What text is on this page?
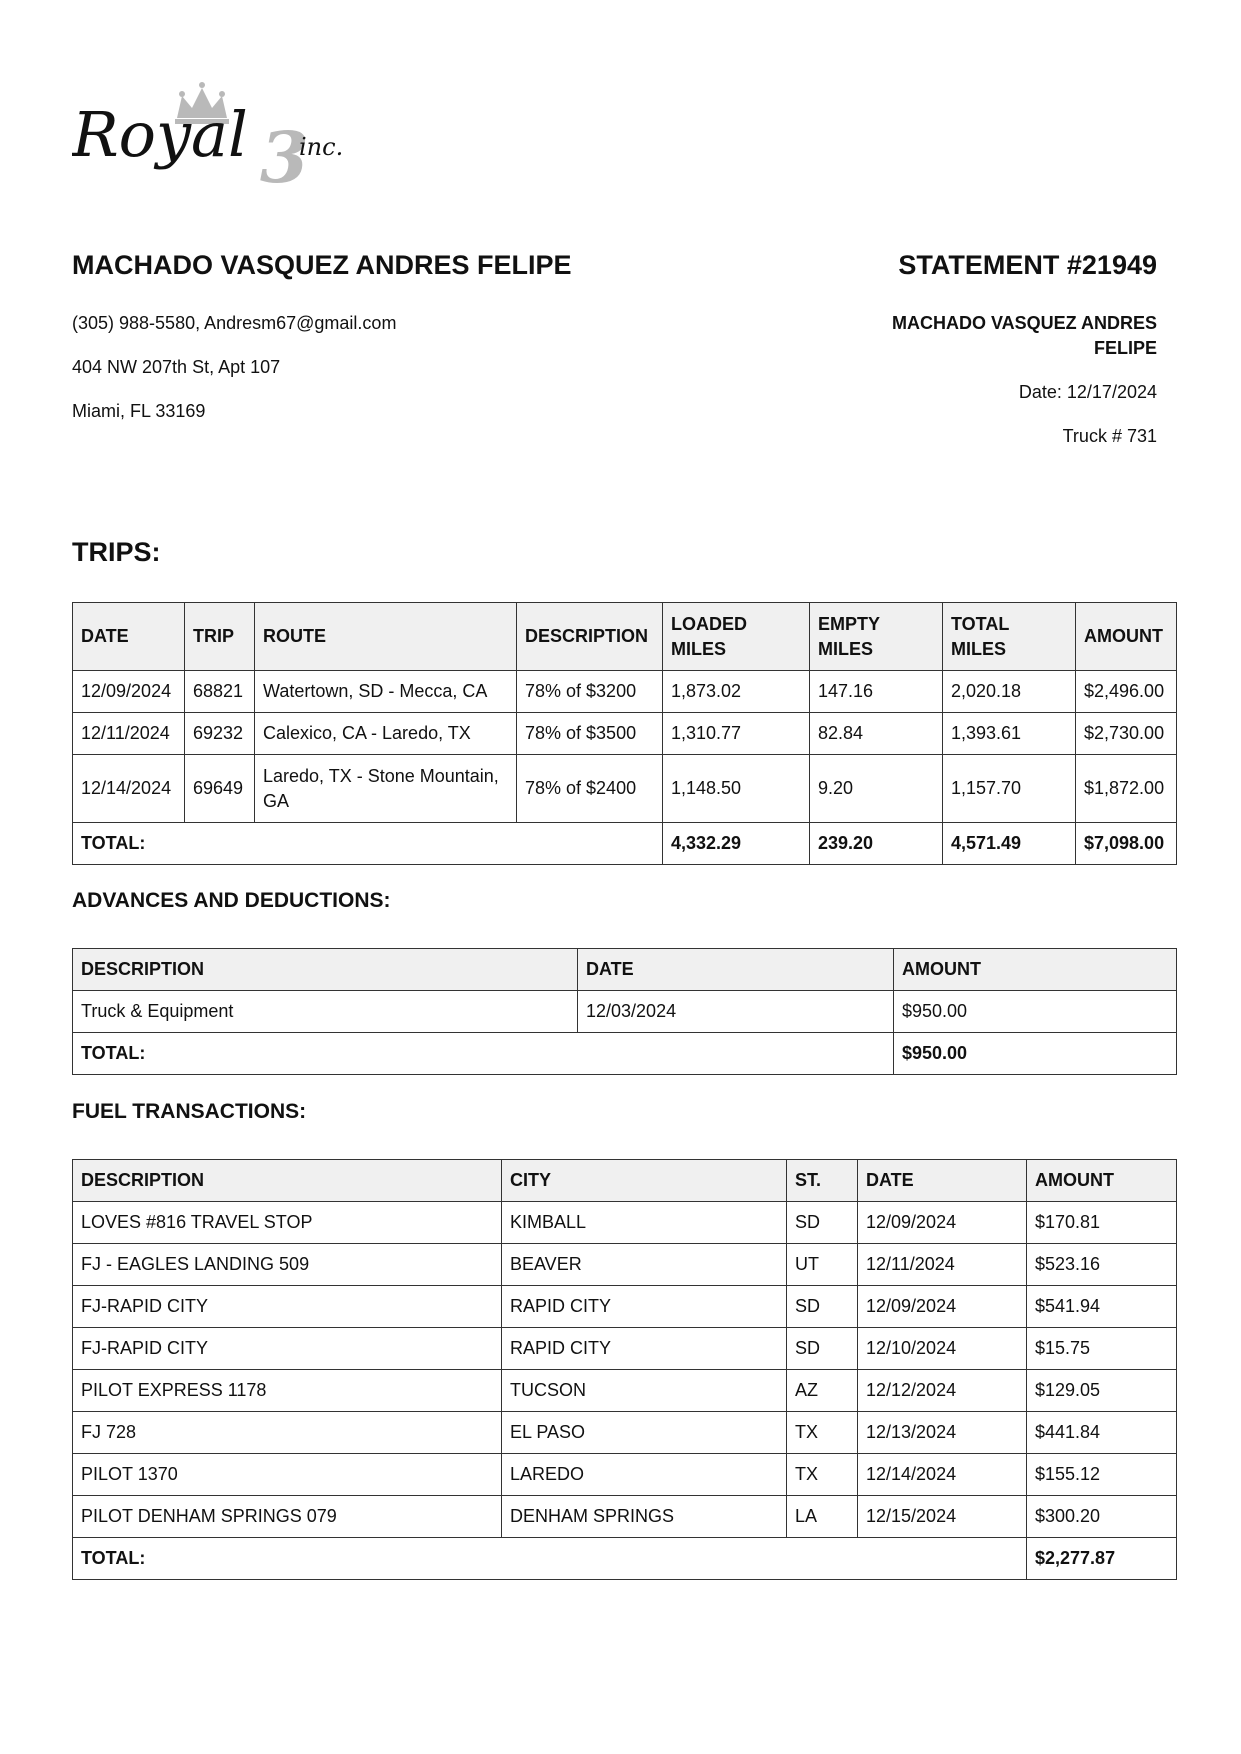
Royal 3
inc.
MACHADO VASQUEZ ANDRES FELIPE	STATEMENT #21949

(305) 988-5580, Andresm67@gmail.com

404 NW 207th St, Apt 107

Miami, FL 33169

MACHADO VASQUEZ ANDRES

FELIPE

Date: 12/17/2024

Truck # 731

TRIPS:
DATE	TRIP	ROUTE	DESCRIPTION	LOADED MILES	EMPTY MILES	TOTAL MILES	AMOUNT
12/09/2024	68821	Watertown, SD - Mecca, CA	78% of $3200	1,873.02	147.16	2,020.18	$2,496.00
12/11/2024	69232	Calexico, CA - Laredo, TX	78% of $3500	1,310.77	82.84	1,393.61	$2,730.00
12/14/2024	69649	Laredo, TX - Stone Mountain, GA	78% of $2400	1,148.50	9.20	1,157.70	$1,872.00
TOTAL:				4,332.29	239.20	4,571.49	$7,098.00
ADVANCES AND DEDUCTIONS:
DESCRIPTION	DATE	AMOUNT
Truck & Equipment	12/03/2024	$950.00
TOTAL:		$950.00
FUEL TRANSACTIONS:
DESCRIPTION	CITY	ST.	DATE	AMOUNT
LOVES #816 TRAVEL STOP	KIMBALL	SD	12/09/2024	$170.81
FJ - EAGLES LANDING 509	BEAVER	UT	12/11/2024	$523.16
FJ-RAPID CITY	RAPID CITY	SD	12/09/2024	$541.94
FJ-RAPID CITY	RAPID CITY	SD	12/10/2024	$15.75
PILOT EXPRESS 1178	TUCSON	AZ	12/12/2024	$129.05
FJ 728	EL PASO	TX	12/13/2024	$441.84
PILOT 1370	LAREDO	TX	12/14/2024	$155.12
PILOT DENHAM SPRINGS 079	DENHAM SPRINGS	LA	12/15/2024	$300.20
TOTAL:				$2,277.87
